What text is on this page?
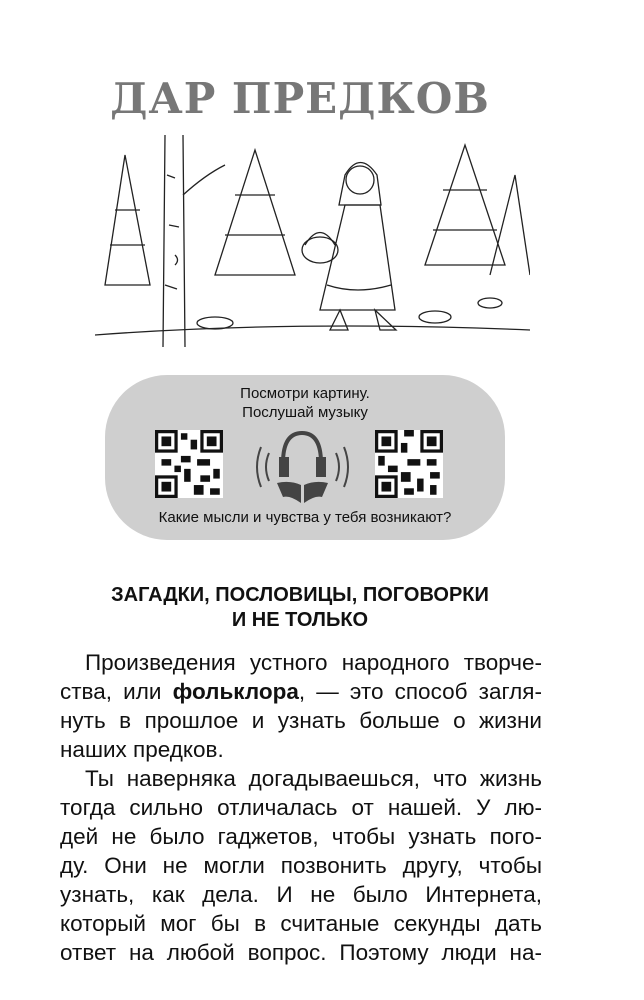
ДАР ПРЕДКОВ
Посмотри картину.
Послушай музыку
Какие мысли и чувства у тебя возникают?
ЗАГАДКИ, ПОСЛОВИЦЫ, ПОГОВОРКИ
И НЕ ТОЛЬКО
Произведения устного народного творче-
ства, или фольклора, — это способ загля-
нуть в прошлое и узнать больше о жизни
наших предков.
Ты наверняка догадываешься, что жизнь
тогда сильно отличалась от нашей. У лю-
дей не было гаджетов, чтобы узнать пого-
ду. Они не могли позвонить другу, чтобы
узнать, как дела. И не было Интернета,
который мог бы в считаные секунды дать
ответ на любой вопрос. Поэтому люди на-
